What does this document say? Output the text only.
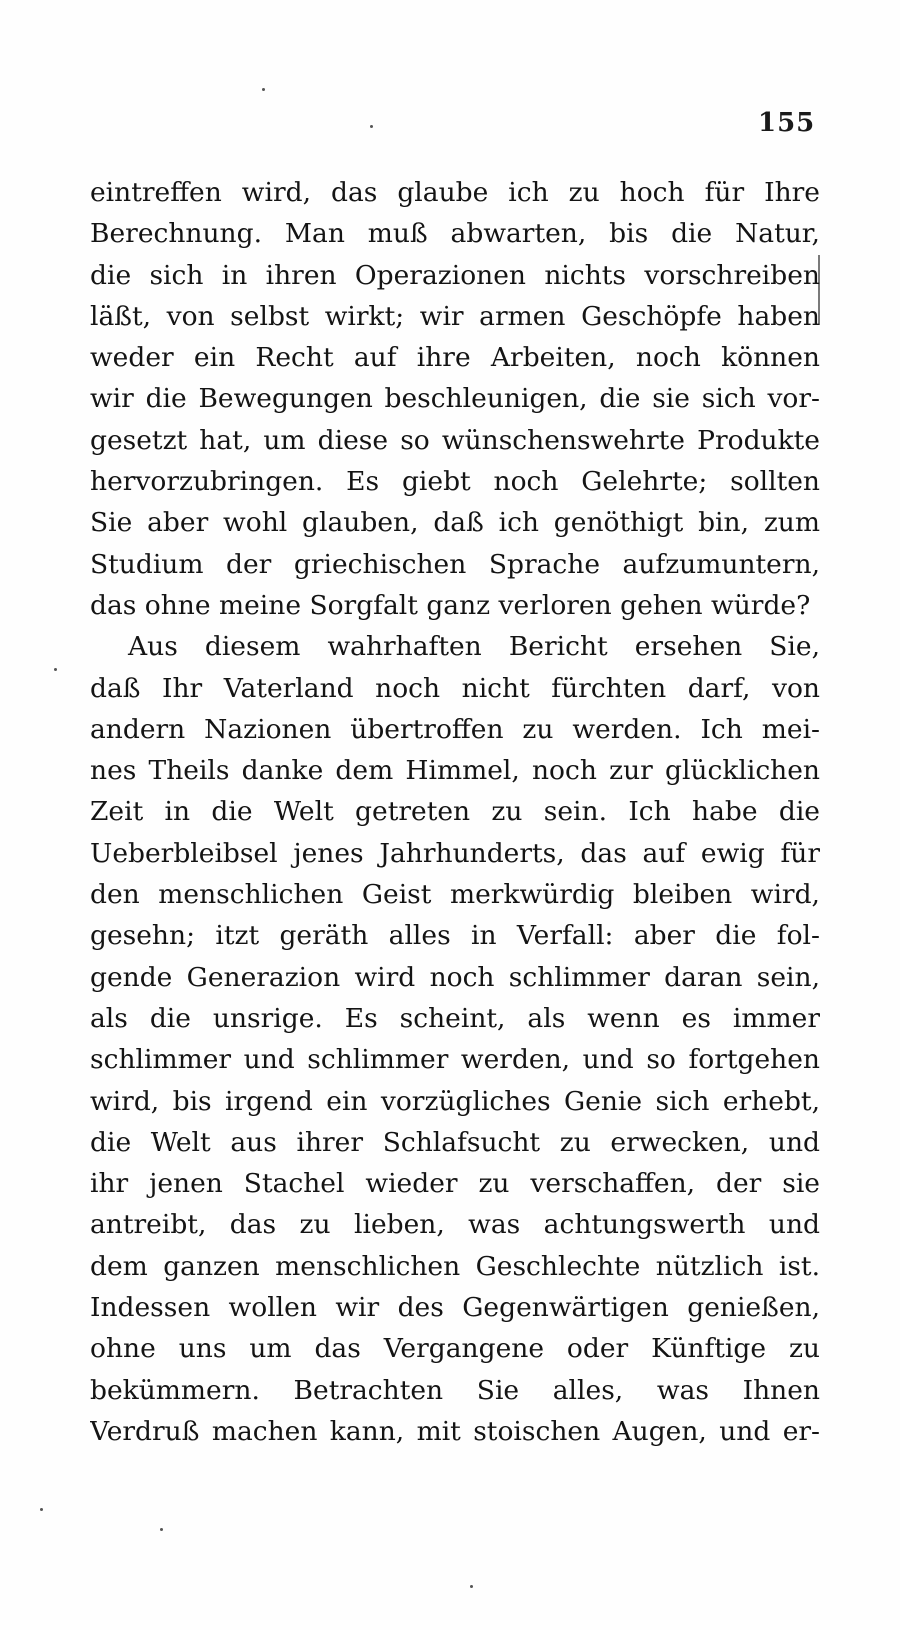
155
eintreffen wird, das glaube ich zu hoch für Ihre
Berechnung. Man muß abwarten, bis die Natur,
die sich in ihren Operazionen nichts vorschreiben
läßt, von selbst wirkt; wir armen Geschöpfe haben
weder ein Recht auf ihre Arbeiten, noch können
wir die Bewegungen beschleunigen, die sie sich vor-
gesetzt hat, um diese so wünschenswehrte Produkte
hervorzubringen. Es giebt noch Gelehrte; sollten
Sie aber wohl glauben, daß ich genöthigt bin, zum
Studium der griechischen Sprache aufzumuntern,
das ohne meine Sorgfalt ganz verloren gehen würde?
Aus diesem wahrhaften Bericht ersehen Sie,
daß Ihr Vaterland noch nicht fürchten darf, von
andern Nazionen übertroffen zu werden. Ich mei-
nes Theils danke dem Himmel, noch zur glücklichen
Zeit in die Welt getreten zu sein. Ich habe die
Ueberbleibsel jenes Jahrhunderts, das auf ewig für
den menschlichen Geist merkwürdig bleiben wird,
gesehn; itzt geräth alles in Verfall: aber die fol-
gende Generazion wird noch schlimmer daran sein,
als die unsrige. Es scheint, als wenn es immer
schlimmer und schlimmer werden, und so fortgehen
wird, bis irgend ein vorzügliches Genie sich erhebt,
die Welt aus ihrer Schlafsucht zu erwecken, und
ihr jenen Stachel wieder zu verschaffen, der sie
antreibt, das zu lieben, was achtungswerth und
dem ganzen menschlichen Geschlechte nützlich ist.
Indessen wollen wir des Gegenwärtigen genießen,
ohne uns um das Vergangene oder Künftige zu
bekümmern. Betrachten Sie alles, was Ihnen
Verdruß machen kann, mit stoischen Augen, und er-
